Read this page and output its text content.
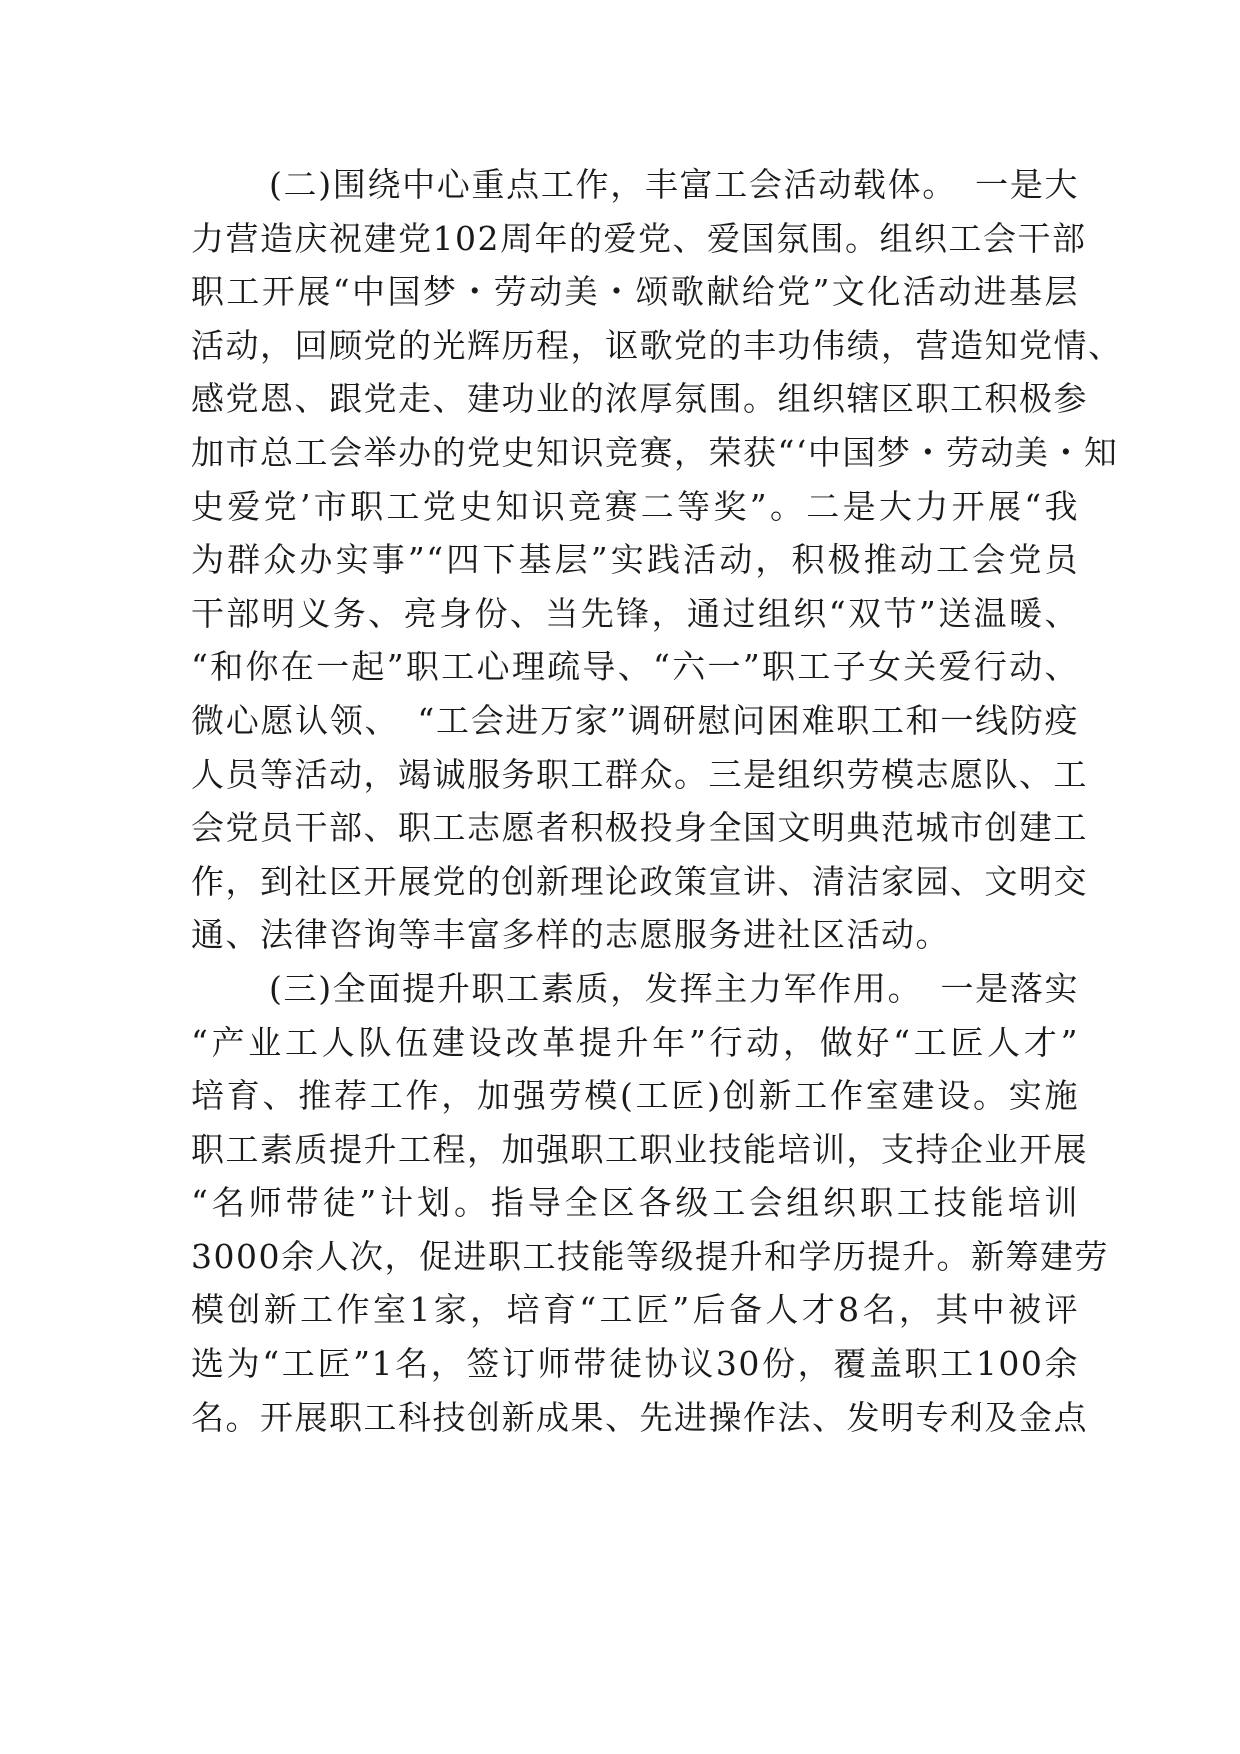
(二)围绕中心重点工作，丰富工会活动载体。　一是大
力营造庆祝建党102周年的爱党、爱国氛围。组织工会干部
职工开展“中国梦・劳动美・颂歌献给党”文化活动进基层
活动，回顾党的光辉历程，讴歌党的丰功伟绩，营造知党情、
感党恩、跟党走、建功业的浓厚氛围。组织辖区职工积极参
加市总工会举办的党史知识竞赛，荣获“‘中国梦・劳动美・知
史爱党’市职工党史知识竞赛二等奖”。二是大力开展“我
为群众办实事”“四下基层”实践活动，积极推动工会党员
干部明义务、亮身份、当先锋，通过组织“双节”送温暖、
“和你在一起”职工心理疏导、“六一”职工子女关爱行动、
微心愿认领、　“工会进万家”调研慰问困难职工和一线防疫
人员等活动，竭诚服务职工群众。三是组织劳模志愿队、工
会党员干部、职工志愿者积极投身全国文明典范城市创建工
作，到社区开展党的创新理论政策宣讲、清洁家园、文明交
通、法律咨询等丰富多样的志愿服务进社区活动。
(三)全面提升职工素质，发挥主力军作用。　一是落实
“产业工人队伍建设改革提升年”行动，做好“工匠人才”
培育、推荐工作，加强劳模(工匠)创新工作室建设。实施
职工素质提升工程，加强职工职业技能培训，支持企业开展
“名师带徒”计划。指导全区各级工会组织职工技能培训
3000余人次，促进职工技能等级提升和学历提升。新筹建劳
模创新工作室1家，培育“工匠”后备人才8名，其中被评
选为“工匠”1名，签订师带徒协议30份，覆盖职工100余
名。开展职工科技创新成果、先进操作法、发明专利及金点
